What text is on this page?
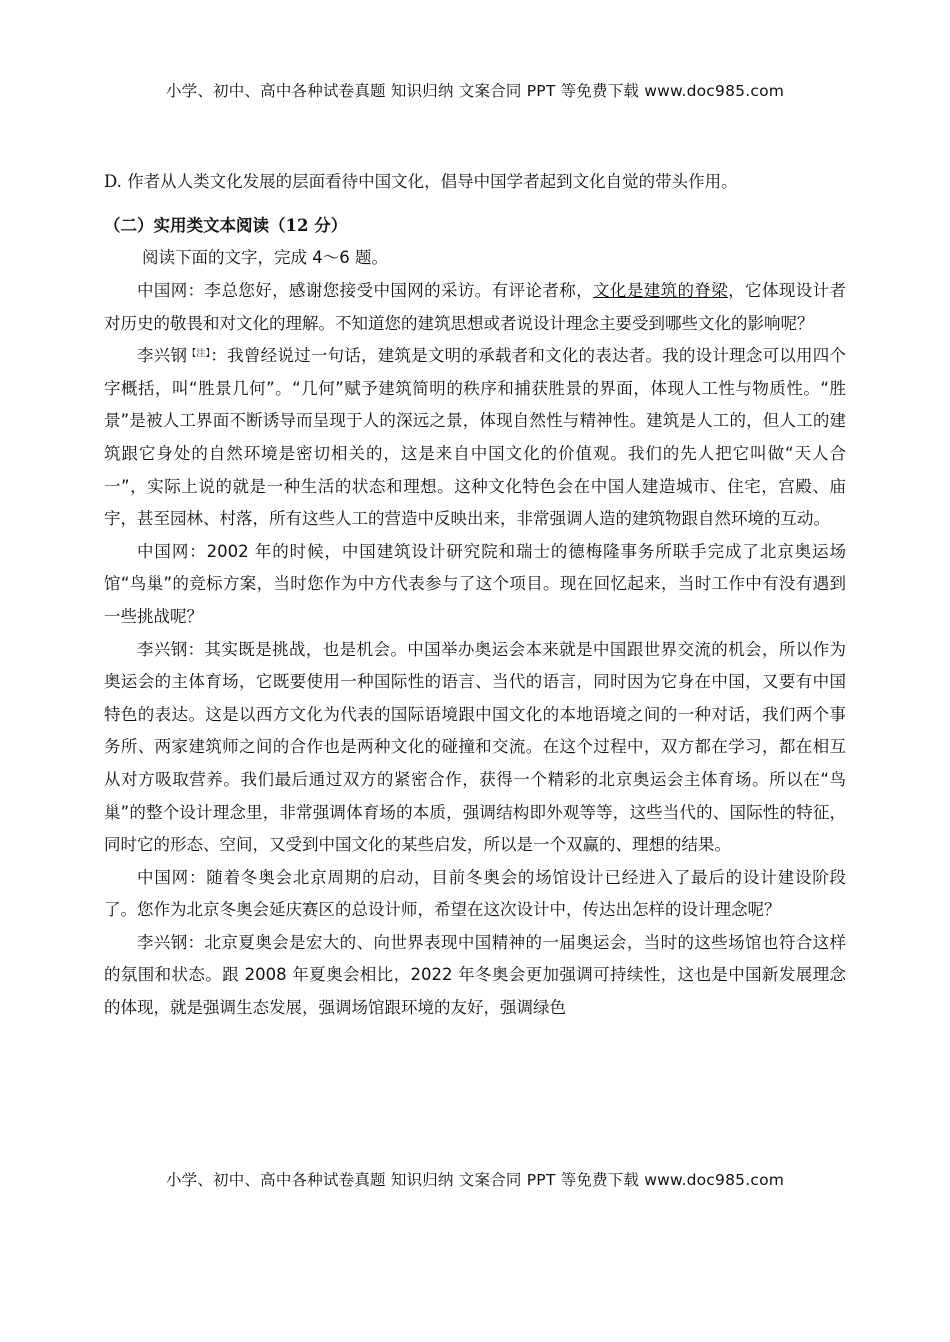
小学、初中、高中各种试卷真题 知识归纳 文案合同 PPT 等免费下载 www.doc985.com
D. 作者从人类文化发展的层面看待中国文化，倡导中国学者起到文化自觉的带头作用。
（二）实用类文本阅读（12 分）
阅读下面的文字，完成 4～6 题。

中国网：李总您好，感谢您接受中国网的采访。有评论者称，文化是建筑的脊梁，它体现设计者对历史的敬畏和对文化的理解。不知道您的建筑思想或者说设计理念主要受到哪些文化的影响呢？

李兴钢$^{【注】}$：我曾经说过一句话，建筑是文明的承载者和文化的表达者。我的设计理念可以用四个字概括，叫“胜景几何”。“几何”赋予建筑简明的秩序和捕获胜景的界面，体现人工性与物质性。“胜景”是被人工界面不断诱导而呈现于人的深远之景，体现自然性与精神性。建筑是人工的，但人工的建筑跟它身处的自然环境是密切相关的，这是来自中国文化的价值观。我们的先人把它叫做“天人合一”，实际上说的就是一种生活的状态和理想。这种文化特色会在中国人建造城市、住宅，宫殿、庙宇，甚至园林、村落，所有这些人工的营造中反映出来，非常强调人造的建筑物跟自然环境的互动。

中国网：2002 年的时候，中国建筑设计研究院和瑞士的德梅隆事务所联手完成了北京奥运场馆“鸟巢”的竞标方案，当时您作为中方代表参与了这个项目。现在回忆起来，当时工作中有没有遇到一些挑战呢？

李兴钢：其实既是挑战，也是机会。中国举办奥运会本来就是中国跟世界交流的机会，所以作为奥运会的主体育场，它既要使用一种国际性的语言、当代的语言，同时因为它身在中国，又要有中国特色的表达。这是以西方文化为代表的国际语境跟中国文化的本地语境之间的一种对话，我们两个事务所、两家建筑师之间的合作也是两种文化的碰撞和交流。在这个过程中，双方都在学习，都在相互从对方吸取营养。我们最后通过双方的紧密合作，获得一个精彩的北京奥运会主体育场。所以在“鸟巢”的整个设计理念里，非常强调体育场的本质，强调结构即外观等等，这些当代的、国际性的特征，同时它的形态、空间，又受到中国文化的某些启发，所以是一个双赢的、理想的结果。

中国网：随着冬奥会北京周期的启动，目前冬奥会的场馆设计已经进入了最后的设计建设阶段了。您作为北京冬奥会延庆赛区的总设计师，希望在这次设计中，传达出怎样的设计理念呢？

李兴钢：北京夏奥会是宏大的、向世界表现中国精神的一届奥运会，当时的这些场馆也符合这样的氛围和状态。跟 2008 年夏奥会相比，2022 年冬奥会更加强调可持续性，这也是中国新发展理念的体现，就是强调生态发展，强调场馆跟环境的友好，强调绿色

小学、初中、高中各种试卷真题 知识归纳 文案合同 PPT 等免费下载 www.doc985.com
